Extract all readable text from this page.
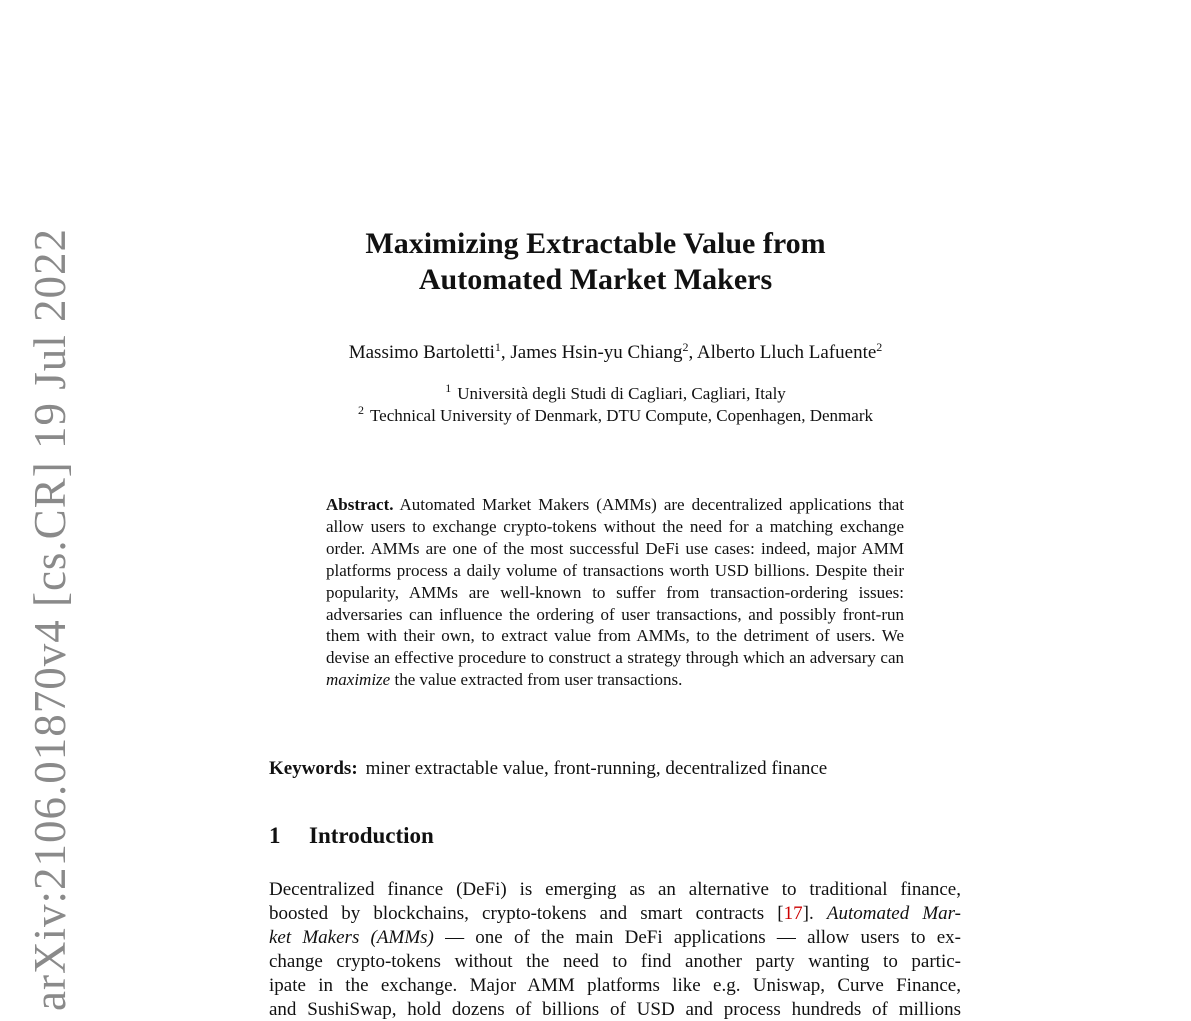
arXiv:2106.01870v4 [cs.CR] 19 Jul 2022	Maximizing Extractable Value from
Automated Market Makers
Massimo Bartoletti$^1$, James Hsin-yu Chiang$^2$, Alberto Lluch Lafuente$^2$
$^1$ Università degli Studi di Cagliari, Cagliari, Italy
$^2$ Technical University of Denmark, DTU Compute, Copenhagen, Denmark
Abstract. Automated Market Makers (AMMs) are decentralized applications that allow users to exchange crypto-tokens without the need for a matching exchange order. AMMs are one of the most successful DeFi use cases: indeed, major AMM platforms process a daily volume of transactions worth USD billions. Despite their popularity, AMMs are well-known to suffer from transaction-ordering issues: adversaries can influence the ordering of user transactions, and possibly front-run them with their own, to extract value from AMMs, to the detriment of users. We devise an effective procedure to construct a strategy through which an adversary can maximize the value extracted from user transactions.
Keywords: miner extractable value, front-running, decentralized finance
1 Introduction
Decentralized finance (DeFi) is emerging as an alternative to traditional finance,
boosted by blockchains, crypto-tokens and smart contracts [17]. Automated Mar-
ket Makers (AMMs) — one of the main DeFi applications — allow users to ex-
change crypto-tokens without the need to find another party wanting to partic-
ipate in the exchange. Major AMM platforms like e.g. Uniswap, Curve Finance,
and SushiSwap, hold dozens of billions of USD and process hundreds of millions
